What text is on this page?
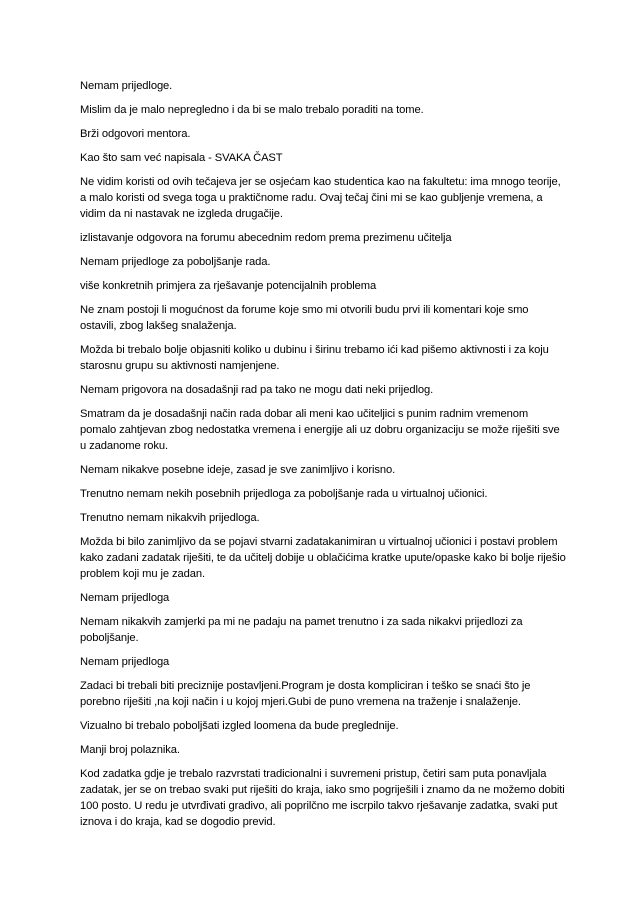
Nemam prijedloge.

Mislim da je malo nepregledno i da bi se malo trebalo poraditi na tome.

Brži odgovori mentora.

Kao što sam već napisala - SVAKA ČAST

Ne vidim koristi od ovih tečajeva jer se osjećam kao studentica kao na fakultetu: ima mnogo teorije, a malo koristi od svega toga u praktičnome radu. Ovaj tečaj čini mi se kao gubljenje vremena, a vidim da ni nastavak ne izgleda drugačije.

izlistavanje odgovora na forumu abecednim redom prema prezimenu učitelja

Nemam prijedloge za poboljšanje rada.

više konkretnih primjera za rješavanje potencijalnih problema

Ne znam postoji li mogućnost da forume koje smo mi otvorili budu prvi ili komentari koje smo ostavili, zbog lakšeg snalaženja.

Možda bi trebalo bolje objasniti koliko u dubinu i širinu trebamo ići kad pišemo aktivnosti i za koju starosnu grupu su aktivnosti namjenjene.

Nemam prigovora na dosadašnji rad pa tako ne mogu dati neki prijedlog.

Smatram da je dosadašnji način rada dobar ali meni kao učiteljici s punim radnim vremenom pomalo zahtjevan zbog nedostatka vremena i energije ali uz dobru organizaciju se može riješiti sve u zadanome roku.

Nemam nikakve posebne ideje, zasad je sve zanimljivo i korisno.

Trenutno nemam nekih posebnih prijedloga za poboljšanje rada u virtualnoj učionici.

Trenutno nemam nikakvih prijedloga.

Možda bi bilo zanimljivo da se pojavi stvarni zadatakanimiran u virtualnoj učionici i postavi problem kako zadani zadatak riješiti, te da učitelj dobije u oblačićima kratke upute/opaske kako bi bolje riješio problem koji mu je zadan.

Nemam prijedloga

Nemam nikakvih zamjerki pa mi ne padaju na pamet trenutno i za sada nikakvi prijedlozi za poboljšanje.

Nemam prijedloga

Zadaci bi trebali biti preciznije postavljeni.Program je dosta kompliciran i teško se snaći što je porebno riješiti ,na koji način i u kojoj mjeri.Gubi de puno vremena na traženje i snalaženje.

Vizualno bi trebalo poboljšati izgled loomena da bude preglednije.

Manji broj polaznika.

Kod zadatka gdje je trebalo razvrstati tradicionalni i suvremeni pristup, četiri sam puta ponavljala zadatak, jer se on trebao svaki put riješiti do kraja, iako smo pogriješili i znamo da ne možemo dobiti 100 posto. U redu je utvrđivati gradivo, ali poprilčno me iscrpilo takvo rješavanje zadatka, svaki put iznova i do kraja, kad se dogodio previd.
